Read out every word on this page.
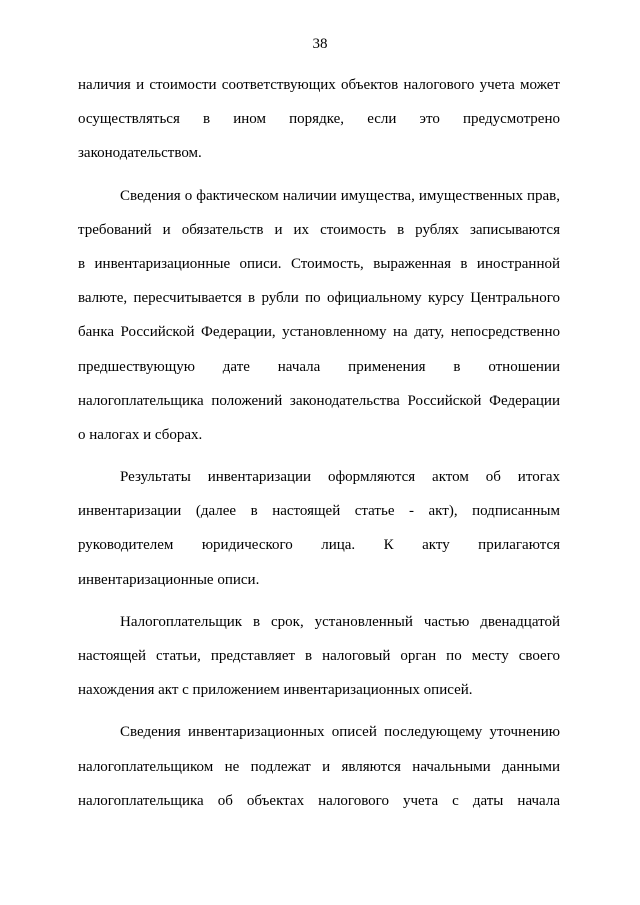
38
наличия и стоимости соответствующих объектов налогового учета может
осуществляться в ином порядке, если это предусмотрено
законодательством.
Сведения о фактическом наличии имущества, имущественных прав,
требований и обязательств и их стоимость в рублях записываются
в инвентаризационные описи. Стоимость, выраженная в иностранной
валюте, пересчитывается в рубли по официальному курсу Центрального
банка Российской Федерации, установленному на дату, непосредственно
предшествующую дате начала применения в отношении
налогоплательщика положений законодательства Российской Федерации
о налогах и сборах.
Результаты инвентаризации оформляются актом об итогах
инвентаризации (далее в настоящей статье - акт), подписанным
руководителем юридического лица. К акту прилагаются
инвентаризационные описи.
Налогоплательщик в срок, установленный частью двенадцатой
настоящей статьи, представляет в налоговый орган по месту своего
нахождения акт с приложением инвентаризационных описей.
Сведения инвентаризационных описей последующему уточнению
налогоплательщиком не подлежат и являются начальными данными
налогоплательщика об объектах налогового учета с даты начала
